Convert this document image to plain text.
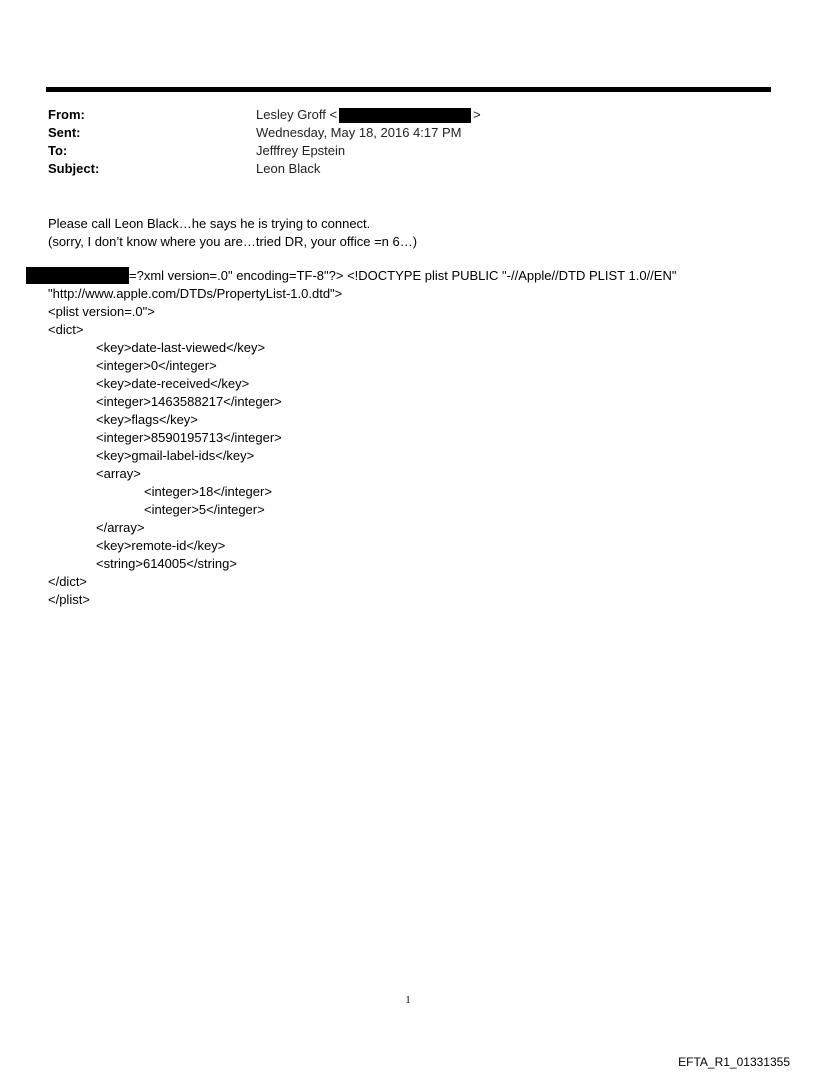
From:	Lesley Groff <	>
Sent:	Wednesday, May 18, 2016 4:17 PM
To:	Jefffrey Epstein
Subject:	Leon Black
Please call Leon Black…he says he is trying to connect.
(sorry, I don’t know where you are…tried DR, your office =n 6…)
=?xml version=.0" encoding=TF-8"?> <!DOCTYPE plist PUBLIC "-//Apple//DTD PLIST 1.0//EN"
"http://www.apple.com/DTDs/PropertyList-1.0.dtd">
<plist version=.0">
<dict>
<key>date-last-viewed</key>
<integer>0</integer>
<key>date-received</key>
<integer>1463588217</integer>
<key>flags</key>
<integer>8590195713</integer>
<key>gmail-label-ids</key>
<array>
<integer>18</integer>
<integer>5</integer>
</array>
<key>remote-id</key>
<string>614005</string>
</dict>
</plist>
1
EFTA_R1_01331355
